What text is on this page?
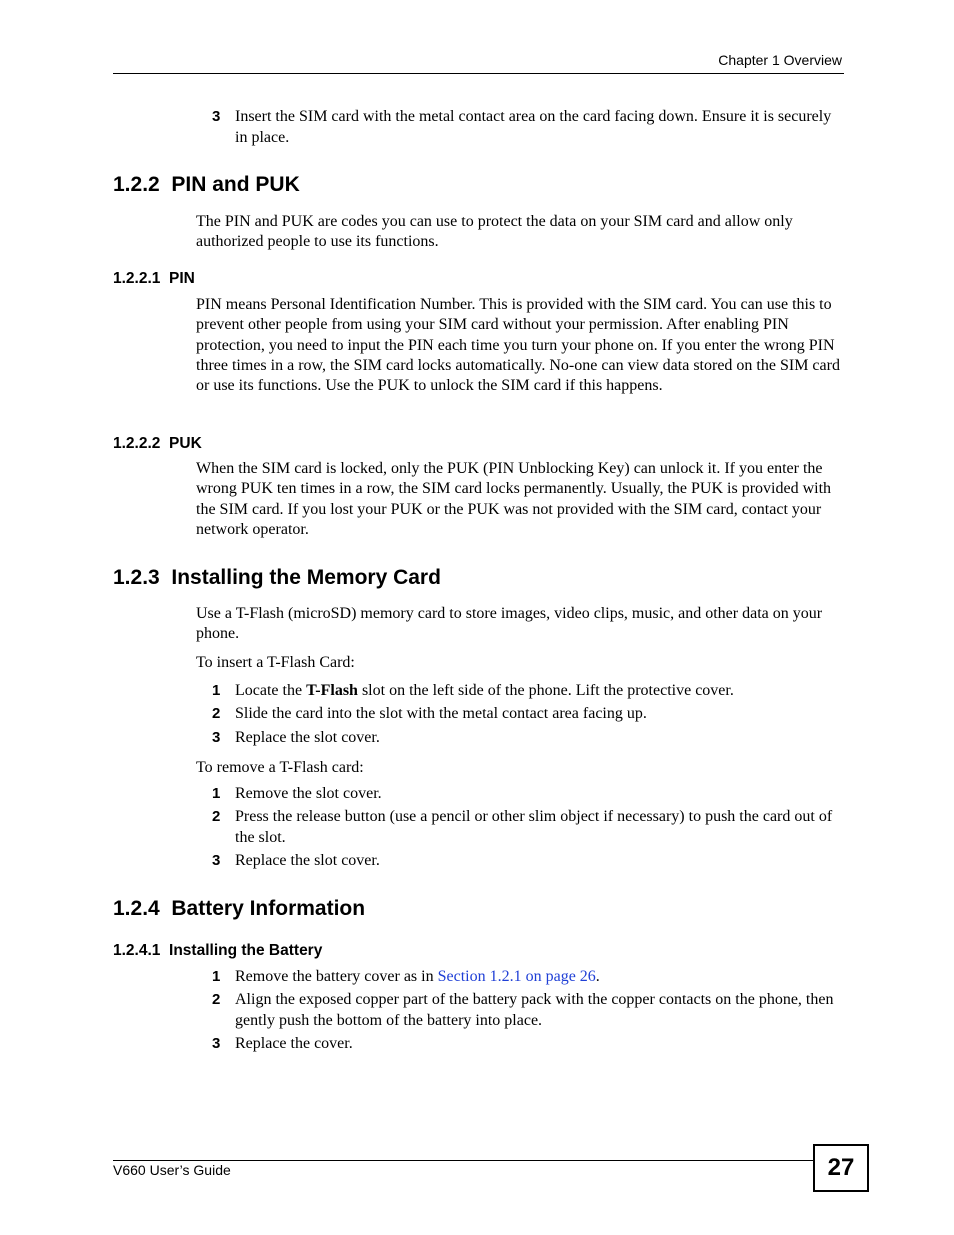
Chapter 1 Overview
3 Insert the SIM card with the metal contact area on the card facing down. Ensure it is securely in place.
1.2.2 PIN and PUK
The PIN and PUK are codes you can use to protect the data on your SIM card and allow only authorized people to use its functions.
1.2.2.1 PIN
PIN means Personal Identification Number. This is provided with the SIM card. You can use this to prevent other people from using your SIM card without your permission. After enabling PIN protection, you need to input the PIN each time you turn your phone on. If you enter the wrong PIN three times in a row, the SIM card locks automatically. No-one can view data stored on the SIM card or use its functions. Use the PUK to unlock the SIM card if this happens.
1.2.2.2 PUK
When the SIM card is locked, only the PUK (PIN Unblocking Key) can unlock it. If you enter the wrong PUK ten times in a row, the SIM card locks permanently. Usually, the PUK is provided with the SIM card. If you lost your PUK or the PUK was not provided with the SIM card, contact your network operator.
1.2.3 Installing the Memory Card
Use a T-Flash (microSD) memory card to store images, video clips, music, and other data on your phone.
To insert a T-Flash Card:
1 Locate the T-Flash slot on the left side of the phone. Lift the protective cover.
2 Slide the card into the slot with the metal contact area facing up.
3 Replace the slot cover.
To remove a T-Flash card:
1 Remove the slot cover.
2 Press the release button (use a pencil or other slim object if necessary) to push the card out of the slot.
3 Replace the slot cover.
1.2.4 Battery Information
1.2.4.1 Installing the Battery
1 Remove the battery cover as in Section 1.2.1 on page 26.
2 Align the exposed copper part of the battery pack with the copper contacts on the phone, then gently push the bottom of the battery into place.
3 Replace the cover.
V660 User’s Guide	27
